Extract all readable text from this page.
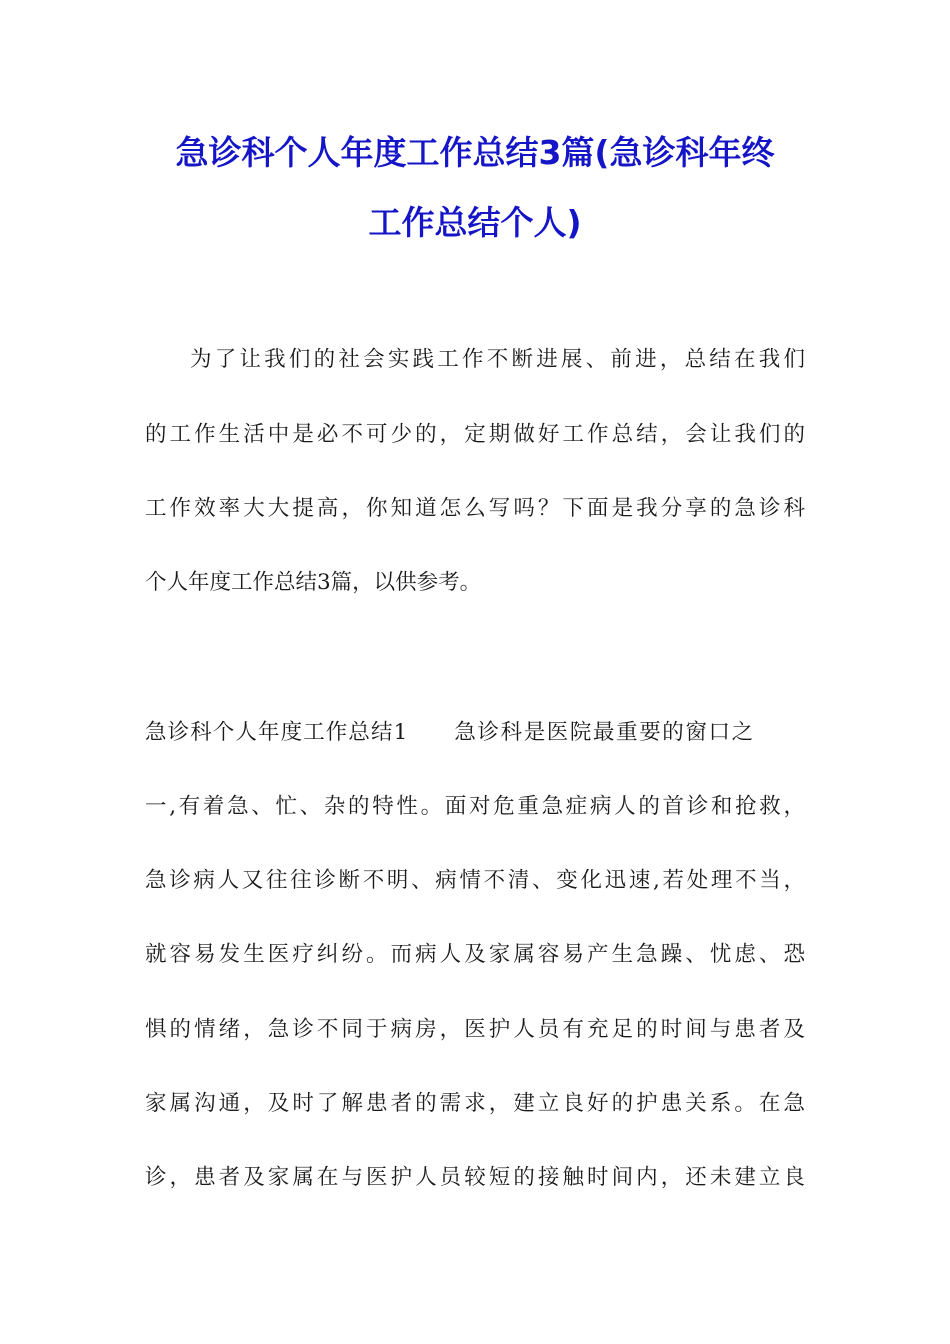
急诊科个人年度工作总结3篇(急诊科年终
工作总结个人)
为了让我们的社会实践工作不断进展、前进，总结在我们
的工作生活中是必不可少的，定期做好工作总结，会让我们的
工作效率大大提高，你知道怎么写吗？下面是我分享的急诊科
个人年度工作总结3篇，以供参考。
急诊科个人年度工作总结1 急诊科是医院最重要的窗口之
一,有着急、忙、杂的特性。面对危重急症病人的首诊和抢救，
急诊病人又往往诊断不明、病情不清、变化迅速,若处理不当，
就容易发生医疗纠纷。而病人及家属容易产生急躁、忧虑、恐
惧的情绪，急诊不同于病房，医护人员有充足的时间与患者及
家属沟通，及时了解患者的需求，建立良好的护患关系。在急
诊，患者及家属在与医护人员较短的接触时间内，还未建立良
